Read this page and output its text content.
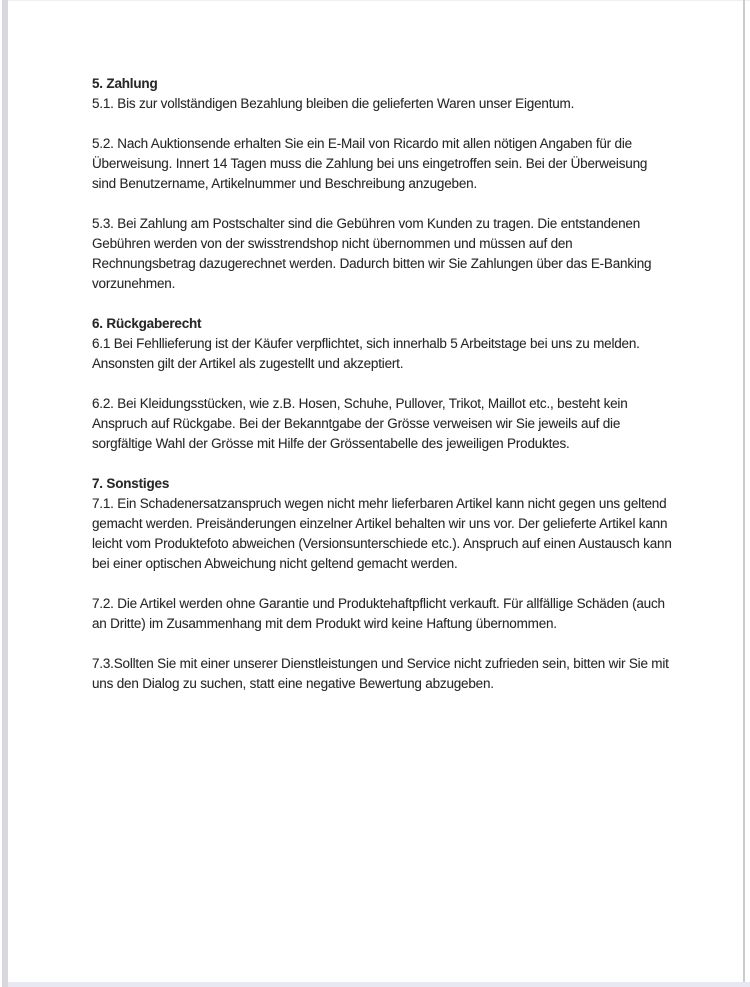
5. Zahlung

5.1. Bis zur vollständigen Bezahlung bleiben die gelieferten Waren unser Eigentum.

5.2. Nach Auktionsende erhalten Sie ein E-Mail von Ricardo mit allen nötigen Angaben für die Überweisung. Innert 14 Tagen muss die Zahlung bei uns eingetroffen sein. Bei der Überweisung sind Benutzername, Artikelnummer und Beschreibung anzugeben.

5.3. Bei Zahlung am Postschalter sind die Gebühren vom Kunden zu tragen. Die entstandenen Gebühren werden von der swisstrendshop nicht übernommen und müssen auf den Rechnungsbetrag dazugerechnet werden. Dadurch bitten wir Sie Zahlungen über das E-Banking vorzunehmen.

6. Rückgaberecht

6.1 Bei Fehllieferung ist der Käufer verpflichtet, sich innerhalb 5 Arbeitstage bei uns zu melden. Ansonsten gilt der Artikel als zugestellt und akzeptiert.

6.2. Bei Kleidungsstücken, wie z.B. Hosen, Schuhe, Pullover, Trikot, Maillot etc., besteht kein Anspruch auf Rückgabe. Bei der Bekanntgabe der Grösse verweisen wir Sie jeweils auf die sorgfältige Wahl der Grösse mit Hilfe der Grössentabelle des jeweiligen Produktes.

7. Sonstiges

7.1. Ein Schadenersatzanspruch wegen nicht mehr lieferbaren Artikel kann nicht gegen uns geltend gemacht werden. Preisänderungen einzelner Artikel behalten wir uns vor. Der gelieferte Artikel kann leicht vom Produktefoto abweichen (Versionsunterschiede etc.). Anspruch auf einen Austausch kann bei einer optischen Abweichung nicht geltend gemacht werden.

7.2. Die Artikel werden ohne Garantie und Produktehaftpflicht verkauft. Für allfällige Schäden (auch an Dritte) im Zusammenhang mit dem Produkt wird keine Haftung übernommen.

7.3.Sollten Sie mit einer unserer Dienstleistungen und Service nicht zufrieden sein, bitten wir Sie mit uns den Dialog zu suchen, statt eine negative Bewertung abzugeben.
